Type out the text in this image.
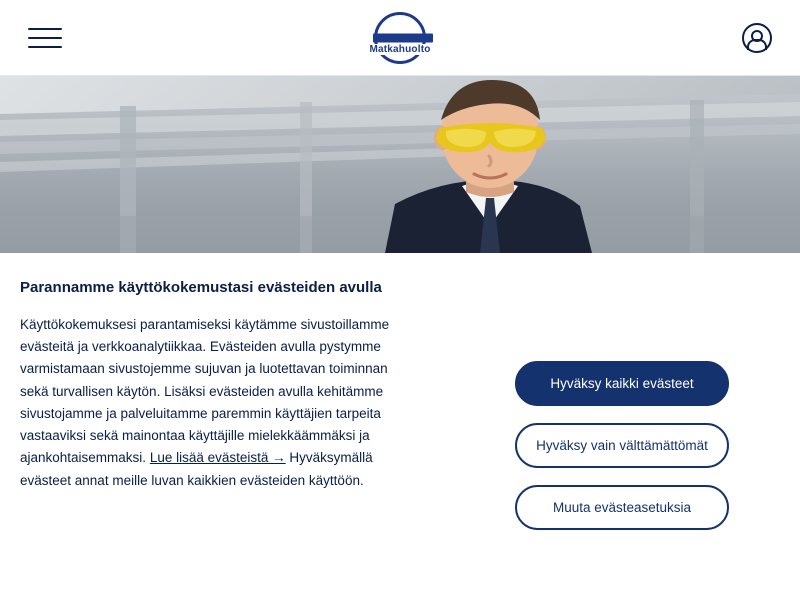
Matkahuolto
Parannamme käyttökokemustasi evästeiden avulla

Käyttökokemuksesi parantamiseksi käytämme sivustoillamme evästeitä ja verkkoanalytiikkaa. Evästeiden avulla pystymme varmistamaan sivustojemme sujuvan ja luotettavan toiminnan sekä turvallisen käytön. Lisäksi evästeiden avulla kehitämme sivustojamme ja palveluitamme paremmin käyttäjien tarpeita vastaaviksi sekä mainontaa käyttäjille mielekkäämmäksi ja ajankohtaisemmaksi. Lue lisää evästeistä → Hyväksymällä evästeet annat meille luvan kaikkien evästeiden käyttöön.

Hyväksy kaikki evästeet
Hyväksy vain välttämättömät
Muuta evästeasetuksia
